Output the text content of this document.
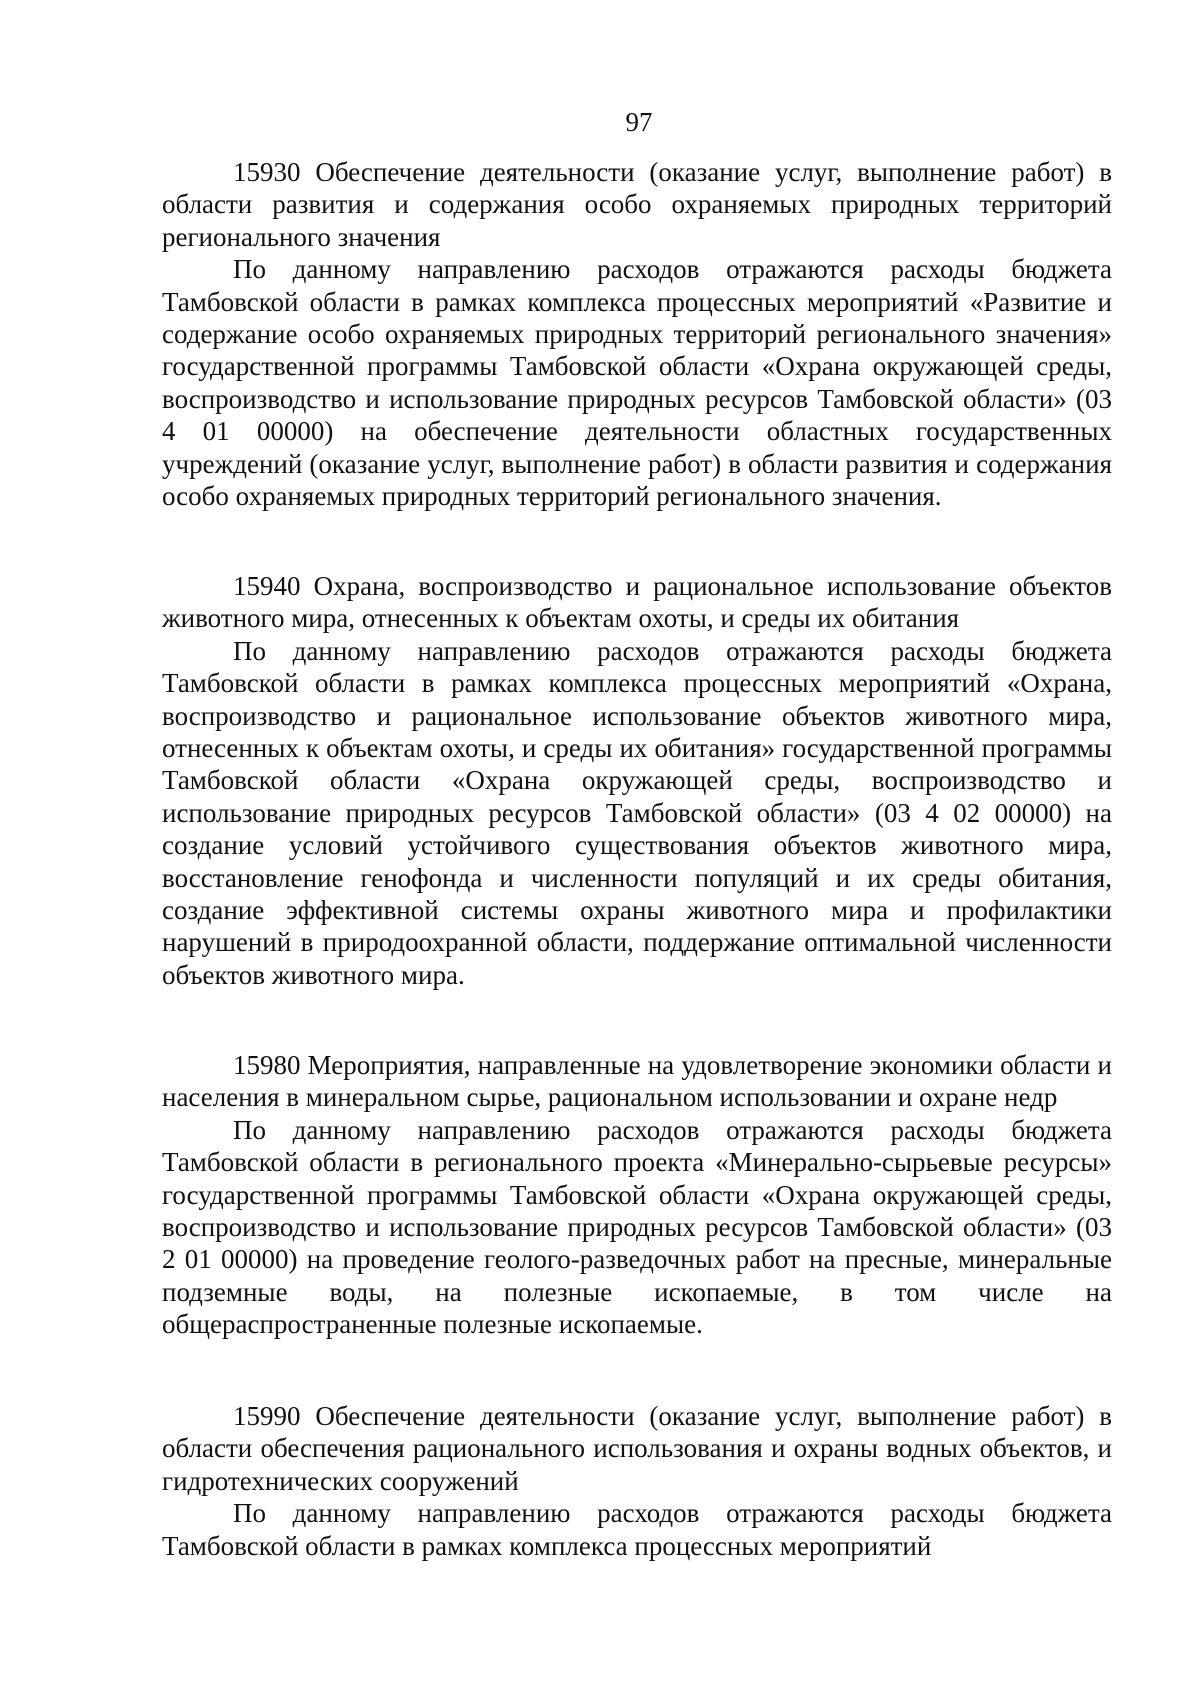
97

15930 Обеспечение деятельности (оказание услуг, выполнение работ) в области развития и содержания особо охраняемых природных территорий регионального значения

По данному направлению расходов отражаются расходы бюджета Тамбовской области в рамках комплекса процессных мероприятий «Развитие и содержание особо охраняемых природных территорий регионального значения» государственной программы Тамбовской области «Охрана окружающей среды, воспроизводство и использование природных ресурсов Тамбовской области» (03 4 01 00000) на обеспечение деятельности областных государственных учреждений (оказание услуг, выполнение работ) в области развития и содержания особо охраняемых природных территорий регионального значения.

15940 Охрана, воспроизводство и рациональное использование объектов животного мира, отнесенных к объектам охоты, и среды их обитания

По данному направлению расходов отражаются расходы бюджета Тамбовской области в рамках комплекса процессных мероприятий «Охрана, воспроизводство и рациональное использование объектов животного мира, отнесенных к объектам охоты, и среды их обитания» государственной программы Тамбовской области «Охрана окружающей среды, воспроизводство и использование природных ресурсов Тамбовской области» (03 4 02 00000) на создание условий устойчивого существования объектов животного мира, восстановление генофонда и численности популяций и их среды обитания, создание эффективной системы охраны животного мира и профилактики нарушений в природоохранной области, поддержание оптимальной численности объектов животного мира.

15980 Мероприятия, направленные на удовлетворение экономики области и населения в минеральном сырье, рациональном использовании и охране недр

По данному направлению расходов отражаются расходы бюджета Тамбовской области в регионального проекта «Минерально-сырьевые ресурсы» государственной программы Тамбовской области «Охрана окружающей среды, воспроизводство и использование природных ресурсов Тамбовской области» (03 2 01 00000) на проведение геолого-разведочных работ на пресные, минеральные подземные воды, на полезные ископаемые, в том числе на общераспространенные полезные ископаемые.

15990 Обеспечение деятельности (оказание услуг, выполнение работ) в области обеспечения рационального использования и охраны водных объектов, и гидротехнических сооружений

По данному направлению расходов отражаются расходы бюджета Тамбовской области в рамках комплекса процессных мероприятий
